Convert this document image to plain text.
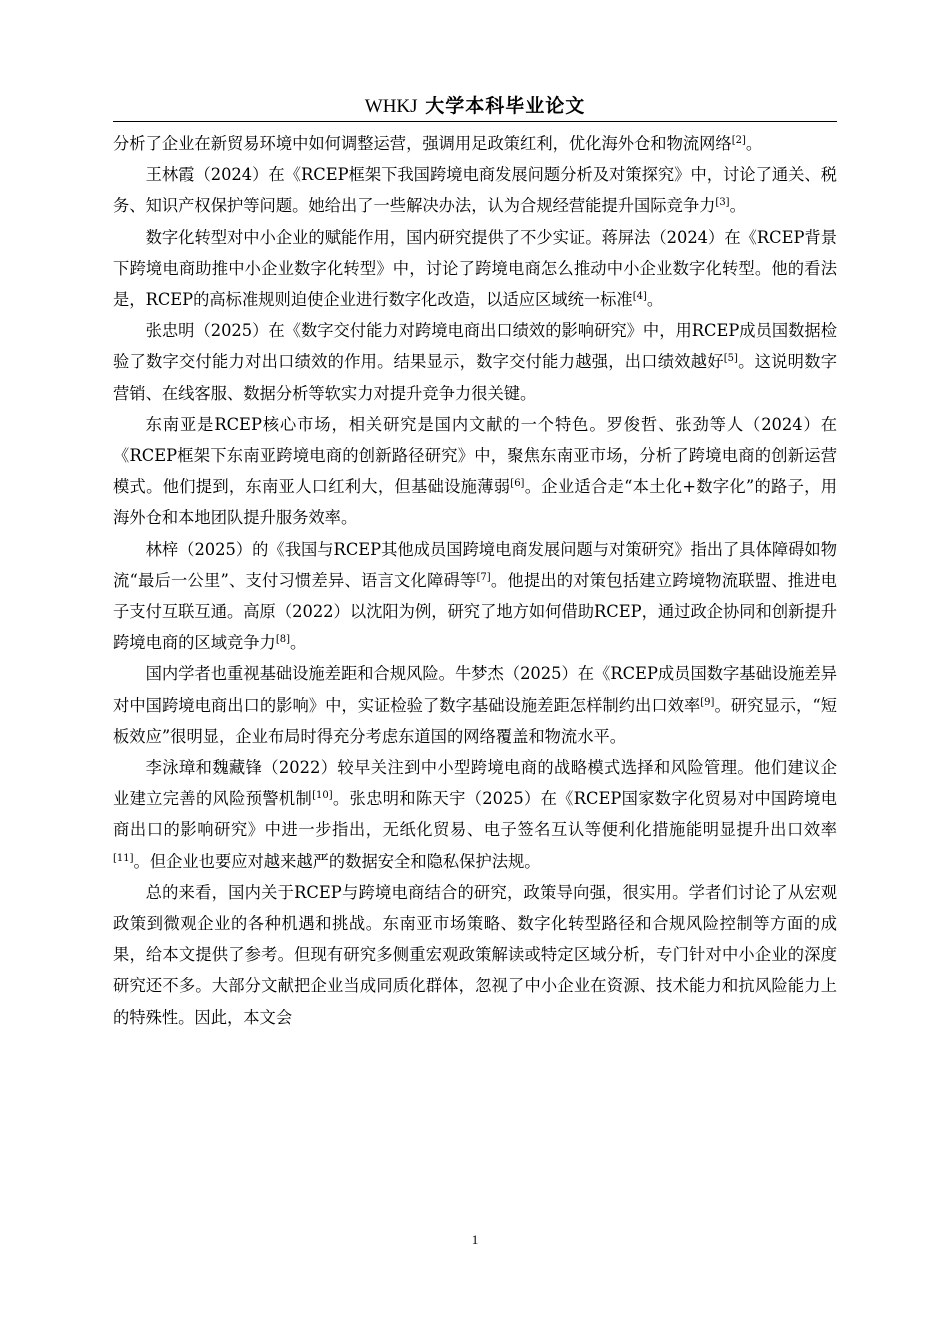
WHKJ 大学本科毕业论文

分析了企业在新贸易环境中如何调整运营，强调用足政策红利，优化海外仓和物流网络[2]。

王林霞（2024）在《RCEP框架下我国跨境电商发展问题分析及对策探究》中，讨论了通关、税务、知识产权保护等问题。她给出了一些解决办法，认为合规经营能提升国际竞争力[3]。

数字化转型对中小企业的赋能作用，国内研究提供了不少实证。蒋屏法（2024）在《RCEP背景下跨境电商助推中小企业数字化转型》中，讨论了跨境电商怎么推动中小企业数字化转型。他的看法是，RCEP的高标准规则迫使企业进行数字化改造，以适应区域统一标准[4]。

张忠明（2025）在《数字交付能力对跨境电商出口绩效的影响研究》中，用RCEP成员国数据检验了数字交付能力对出口绩效的作用。结果显示，数字交付能力越强，出口绩效越好[5]。这说明数字营销、在线客服、数据分析等软实力对提升竞争力很关键。

东南亚是RCEP核心市场，相关研究是国内文献的一个特色。罗俊哲、张劲等人（2024）在《RCEP框架下东南亚跨境电商的创新路径研究》中，聚焦东南亚市场，分析了跨境电商的创新运营模式。他们提到，东南亚人口红利大，但基础设施薄弱[6]。企业适合走“本土化+数字化”的路子，用海外仓和本地团队提升服务效率。

林梓（2025）的《我国与RCEP其他成员国跨境电商发展问题与对策研究》指出了具体障碍如物流“最后一公里”、支付习惯差异、语言文化障碍等[7]。他提出的对策包括建立跨境物流联盟、推进电子支付互联互通。高原（2022）以沈阳为例，研究了地方如何借助RCEP，通过政企协同和创新提升跨境电商的区域竞争力[8]。

国内学者也重视基础设施差距和合规风险。牛梦杰（2025）在《RCEP成员国数字基础设施差异对中国跨境电商出口的影响》中，实证检验了数字基础设施差距怎样制约出口效率[9]。研究显示，“短板效应”很明显，企业布局时得充分考虑东道国的网络覆盖和物流水平。

李泳璋和魏藏锋（2022）较早关注到中小型跨境电商的战略模式选择和风险管理。他们建议企业建立完善的风险预警机制[10]。张忠明和陈天宇（2025）在《RCEP国家数字化贸易对中国跨境电商出口的影响研究》中进一步指出，无纸化贸易、电子签名互认等便利化措施能明显提升出口效率[11]。但企业也要应对越来越严的数据安全和隐私保护法规。

总的来看，国内关于RCEP与跨境电商结合的研究，政策导向强，很实用。学者们讨论了从宏观政策到微观企业的各种机遇和挑战。东南亚市场策略、数字化转型路径和合规风险控制等方面的成果，给本文提供了参考。但现有研究多侧重宏观政策解读或特定区域分析，专门针对中小企业的深度研究还不多。大部分文献把企业当成同质化群体，忽视了中小企业在资源、技术能力和抗风险能力上的特殊性。因此，本文会

1
